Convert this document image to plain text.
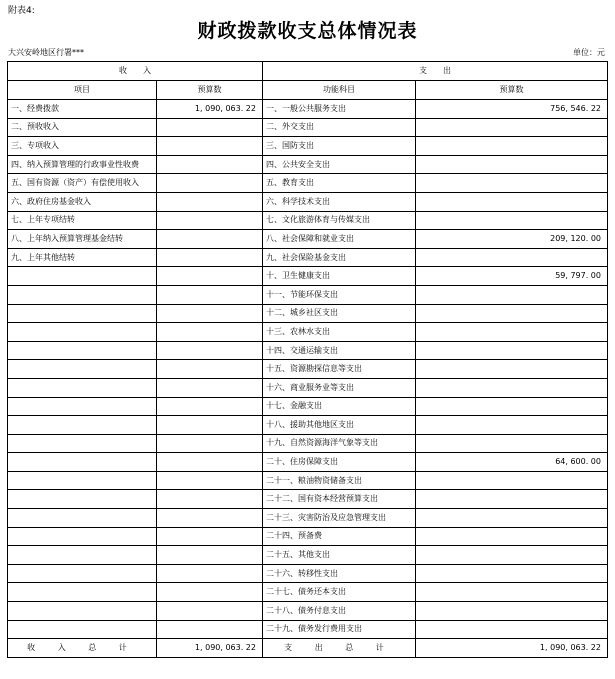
附表4:
财政拨款收支总体情况表
大兴安岭地区行署***	单位：元
收　　入		支　　出	
项目	预算数	功能科目	预算数
一、经费拨款	1, 090, 063. 22	一、一般公共服务支出	756, 546. 22
二、预收收入		二、外交支出	
三、专项收入		三、国防支出	
四、纳入预算管理的行政事业性收费		四、公共安全支出	
五、国有资源（资产）有偿使用收入		五、教育支出	
六、政府住房基金收入		六、科学技术支出	
七、上年专项结转		七、文化旅游体育与传媒支出	
八、上年纳入预算管理基金结转		八、社会保障和就业支出	209, 120. 00
九、上年其他结转		九、社会保险基金支出	
		十、卫生健康支出	59, 797. 00
		十一、节能环保支出	
		十二、城乡社区支出	
		十三、农林水支出	
		十四、交通运输支出	
		十五、资源勘探信息等支出	
		十六、商业服务业等支出	
		十七、金融支出	
		十八、援助其他地区支出	
		十九、自然资源海洋气象等支出	
		二十、住房保障支出	64, 600. 00
		二十一、粮油物资储备支出	
		二十二、国有资本经营预算支出	
		二十三、灾害防治及应急管理支出	
		二十四、预备费	
		二十五、其他支出	
		二十六、转移性支出	
		二十七、债务还本支出	
		二十八、债务付息支出	
		二十九、债务发行费用支出	
收 入 总 计	1, 090, 063. 22	支 出 总 计	1, 090, 063. 22
